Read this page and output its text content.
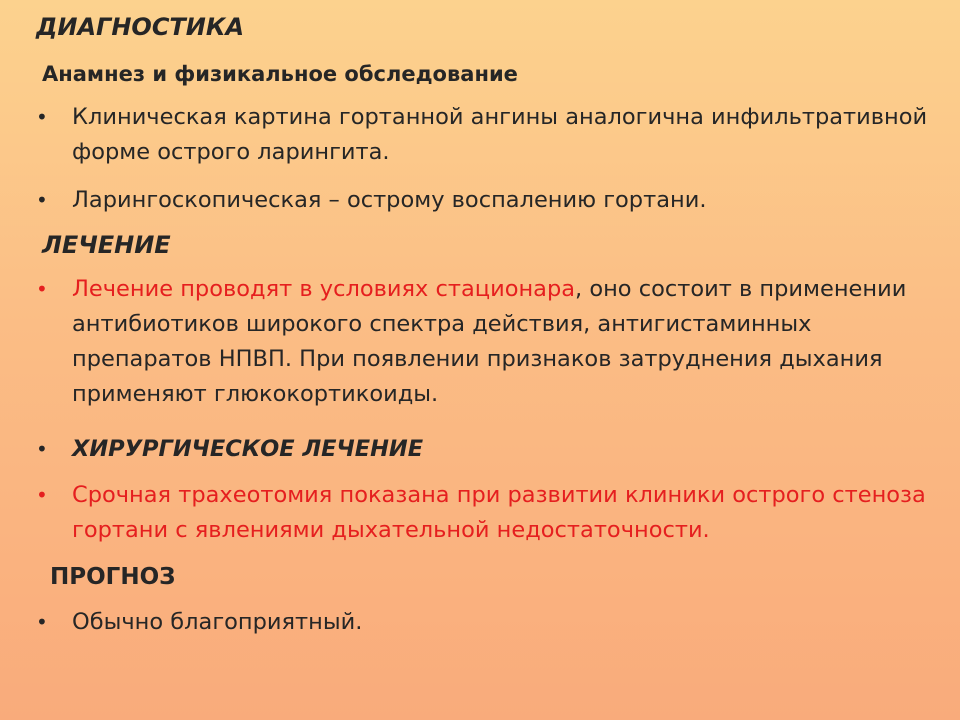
ДИАГНОСТИКА
Анамнез и физикальное обследование
•	Клиническая картина гортанной ангины аналогична инфильтративной форме острого ларингита.
•	Ларингоскопическая – острому воспалению гортани.
ЛЕЧЕНИЕ
•	Лечение проводят в условиях стационара, оно состоит в применении антибиотиков широкого спектра действия, антигистаминных препаратов НПВП. При появлении признаков затруднения дыхания применяют глюкокортикоиды.
•	ХИРУРГИЧЕСКОЕ ЛЕЧЕНИЕ
•	Срочная трахеотомия показана при развитии клиники острого стеноза гортани с явлениями дыхательной недостаточности.
ПРОГНОЗ
•	Обычно благоприятный.
